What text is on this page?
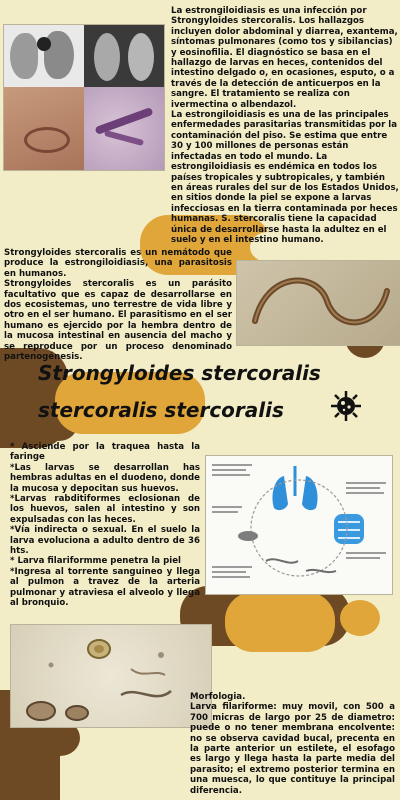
La estrongiloidiasis es una infección por Strongyloides stercoralis. Los hallazgos incluyen dolor abdominal y diarrea, exantema, síntomas pulmonares (como tos y sibilancias) y eosinofilia. El diagnóstico se basa en el hallazgo de larvas en heces, contenidos del intestino delgado o, en ocasiones, esputo, o a través de la detección de anticuerpos en la sangre. El tratamiento se realiza con ivermectina o albendazol.

La estrongiloidiasis es una de las principales enfermedades parasitarias transmitidas por la contaminación del piso. Se estima que entre 30 y 100 millones de personas están infectadas en todo el mundo. La estrongiloidiasis es endémica en todos los países tropicales y subtropicales, y también en áreas rurales del sur de los Estados Unidos, en sitios donde la piel se expone a larvas infecciosas en la tierra contaminada por heces humanas. S. stercoralis tiene la capacidad única de desarrollarse hasta la adultez en el suelo y en el intestino humano.

Strongyloides stercoralis es un nemátodo que produce la estrongiloidiasis, una parasitosis en humanos.

Strongyloides stercoralis es un parásito facultativo que es capaz de desarrollarse en dos ecosistemas, uno terrestre de vida libre y otro en el ser humano. El parasitismo en el ser humano es ejercido por la hembra dentro de la mucosa intestinal en ausencia del macho y se reproduce por un proceso denominado partenogénesis.

Strongyloides stercoralis
stercoralis stercoralis

* Asciende por la traquea hasta la faringe

*Las larvas se desarrollan has hembras adultas en el duodeno, donde la mucosa y depocitan sus huevos.

*Larvas rabditiformes eclosionan de los huevos, salen al intestino y son expulsadas con las heces.

*Vía indirecta o sexual. En el suelo la larva evoluciona a adulto dentro de 36 hts.

* Larva filariformme penetra la piel

*Ingresa al torrente sanguineo y llega al pulmon a travez de la arteria pulmonar y atraviesa el alveolo y llega al bronquio.

Morfologia.

Larva filariforme: muy movil, con 500 a 700 micras de largo por 25 de diametro: puede o no tener membrana encolvente: no se observa cavidad bucal, precenta en la parte anterior un estilete, el esofago es largo y llega hasta la parte media del parasito; el extremo posterior termina en una muesca, lo que contituye la principal diferencia.
